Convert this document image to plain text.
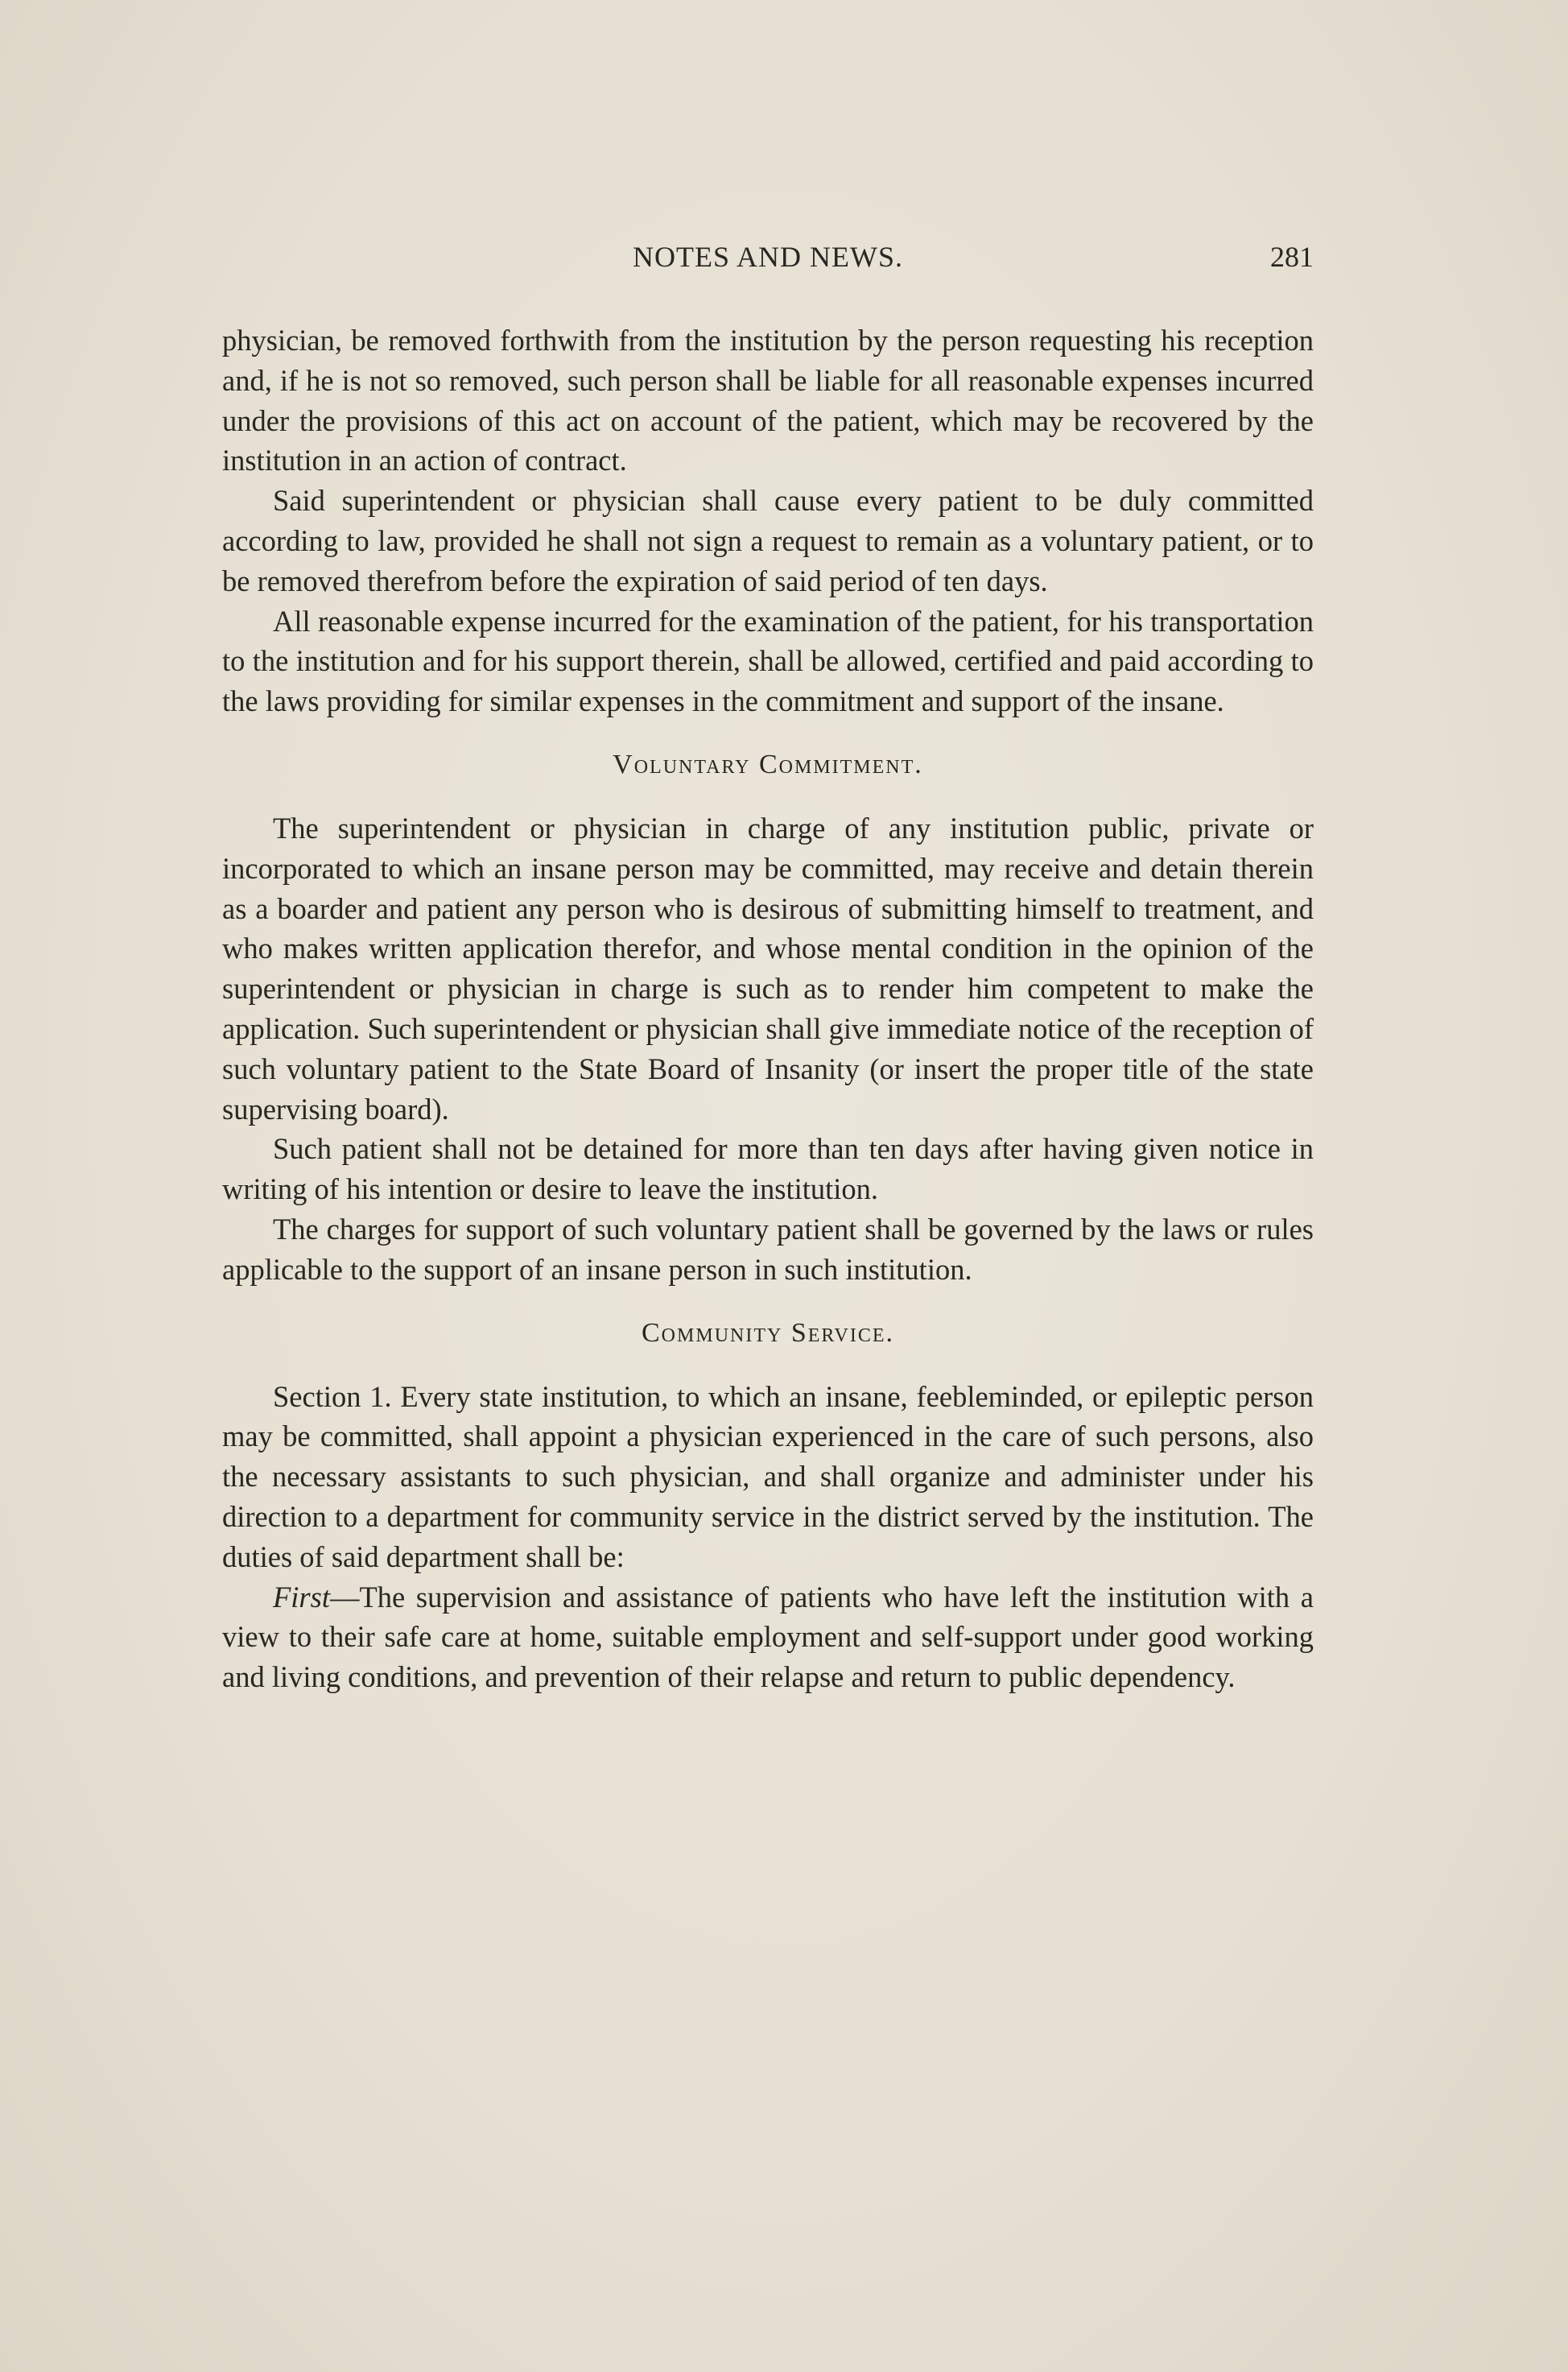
NOTES AND NEWS.	281

physician, be removed forthwith from the institution by the person requesting his reception and, if he is not so removed, such person shall be liable for all reasonable expenses incurred under the provisions of this act on account of the patient, which may be recovered by the institution in an action of contract.

Said superintendent or physician shall cause every patient to be duly committed according to law, provided he shall not sign a request to remain as a voluntary patient, or to be removed therefrom before the expiration of said period of ten days.

All reasonable expense incurred for the examination of the patient, for his transportation to the institution and for his support therein, shall be allowed, certified and paid according to the laws providing for similar expenses in the commitment and support of the insane.

Voluntary Commitment.

The superintendent or physician in charge of any institution public, private or incorporated to which an insane person may be committed, may receive and detain therein as a boarder and patient any person who is desirous of submitting himself to treatment, and who makes written application therefor, and whose mental condition in the opinion of the superintendent or physician in charge is such as to render him competent to make the application. Such superintendent or physician shall give immediate notice of the reception of such voluntary patient to the State Board of Insanity (or insert the proper title of the state supervising board).

Such patient shall not be detained for more than ten days after having given notice in writing of his intention or desire to leave the institution.

The charges for support of such voluntary patient shall be governed by the laws or rules applicable to the support of an insane person in such institution.

Community Service.

Section 1. Every state institution, to which an insane, feebleminded, or epileptic person may be committed, shall appoint a physician experienced in the care of such persons, also the necessary assistants to such physician, and shall organize and administer under his direction to a department for community service in the district served by the institution. The duties of said department shall be:

First—The supervision and assistance of patients who have left the institution with a view to their safe care at home, suitable employment and self-support under good working and living conditions, and prevention of their relapse and return to public dependency.
